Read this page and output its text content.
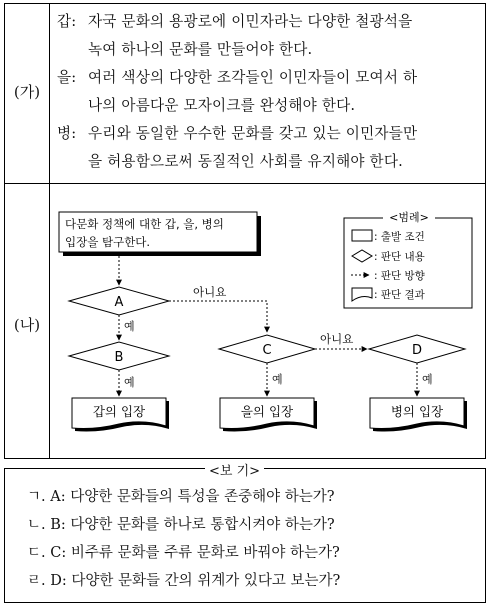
(가)
(나)
갑: 자국 문화의 용광로에 이민자라는 다양한 철광석을
녹여 하나의 문화를 만들어야 한다.
을: 여러 색상의 다양한 조각들인 이민자들이 모여서 하
나의 아름다운 모자이크를 완성해야 한다.
병: 우리와 동일한 우수한 문화를 갖고 있는 이민자들만
을 허용함으로써 동질적인 사회를 유지해야 한다.
다문화 정책에 대한 갑, 을, 병의
입장을 탐구한다.
<범례>
: 출발 조건
: 판단 내용
: 판단 방향
: 판단 결과
A
아니요
예
B
예
C
아니요
예
D
예
갑의 입장	을의 입장	병의 입장
<보 기>
ㄱ. A: 다양한 문화들의 특성을 존중해야 하는가?
ㄴ. B: 다양한 문화를 하나로 통합시켜야 하는가?
ㄷ. C: 비주류 문화를 주류 문화로 바꿔야 하는가?
ㄹ. D: 다양한 문화들 간의 위계가 있다고 보는가?
